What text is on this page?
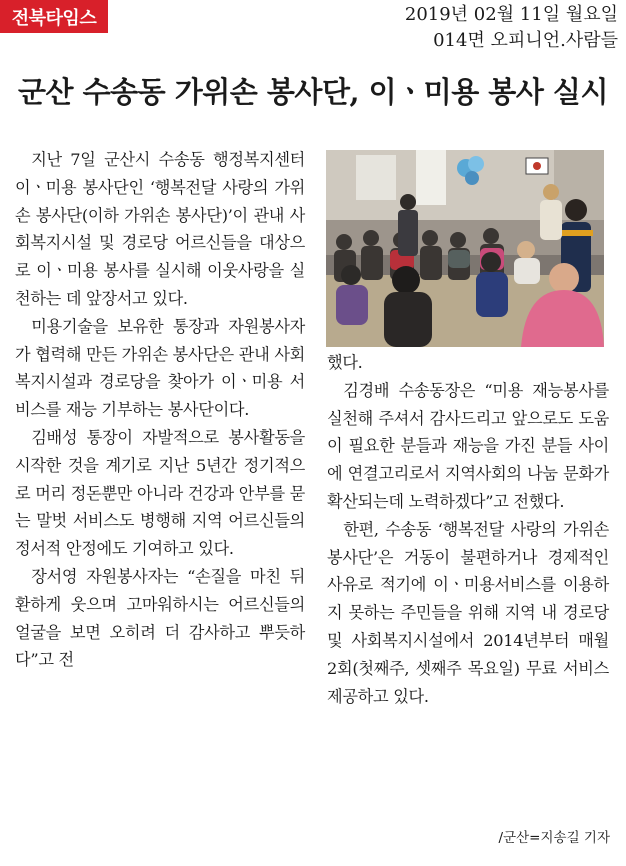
전북타임스	2019년 02월 11일 월요일
014면 오피니언.사람들
군산 수송동 가위손 봉사단, 이ㆍ미용 봉사 실시

지난 7일 군산시 수송동 행정복지센터 이ㆍ미용 봉사단인 ‘행복전달 사랑의 가위손 봉사단(이하 가위손 봉사단)’이 관내 사회복지시설 및 경로당 어르신들을 대상으로 이ㆍ미용 봉사를 실시해 이웃사랑을 실천하는 데 앞장서고 있다.

미용기술을 보유한 통장과 자원봉사자가 협력해 만든 가위손 봉사단은 관내 사회복지시설과 경로당을 찾아가 이ㆍ미용 서비스를 재능 기부하는 봉사단이다.

김배성 통장이 자발적으로 봉사활동을 시작한 것을 계기로 지난 5년간 정기적으로 머리 정돈뿐만 아니라 건강과 안부를 묻는 말벗 서비스도 병행해 지역 어르신들의 정서적 안정에도 기여하고 있다.

장서영 자원봉사자는 “손질을 마친 뒤 환하게 웃으며 고마워하시는 어르신들의 얼굴을 보면 오히려 더 감사하고 뿌듯하다”고 전

했다.

김경배 수송동장은 “미용 재능봉사를 실천해 주셔서 감사드리고 앞으로도 도움이 필요한 분들과 재능을 가진 분들 사이에 연결고리로서 지역사회의 나눔 문화가 확산되는데 노력하겠다”고 전했다.

한편, 수송동 ‘행복전달 사랑의 가위손 봉사단’은 거동이 불편하거나 경제적인 사유로 적기에 이ㆍ미용서비스를 이용하지 못하는 주민들을 위해 지역 내 경로당 및 사회복지시설에서 2014년부터 매월 2회(첫째주, 셋째주 목요일) 무료 서비스 제공하고 있다.

/군산=지송길 기자
